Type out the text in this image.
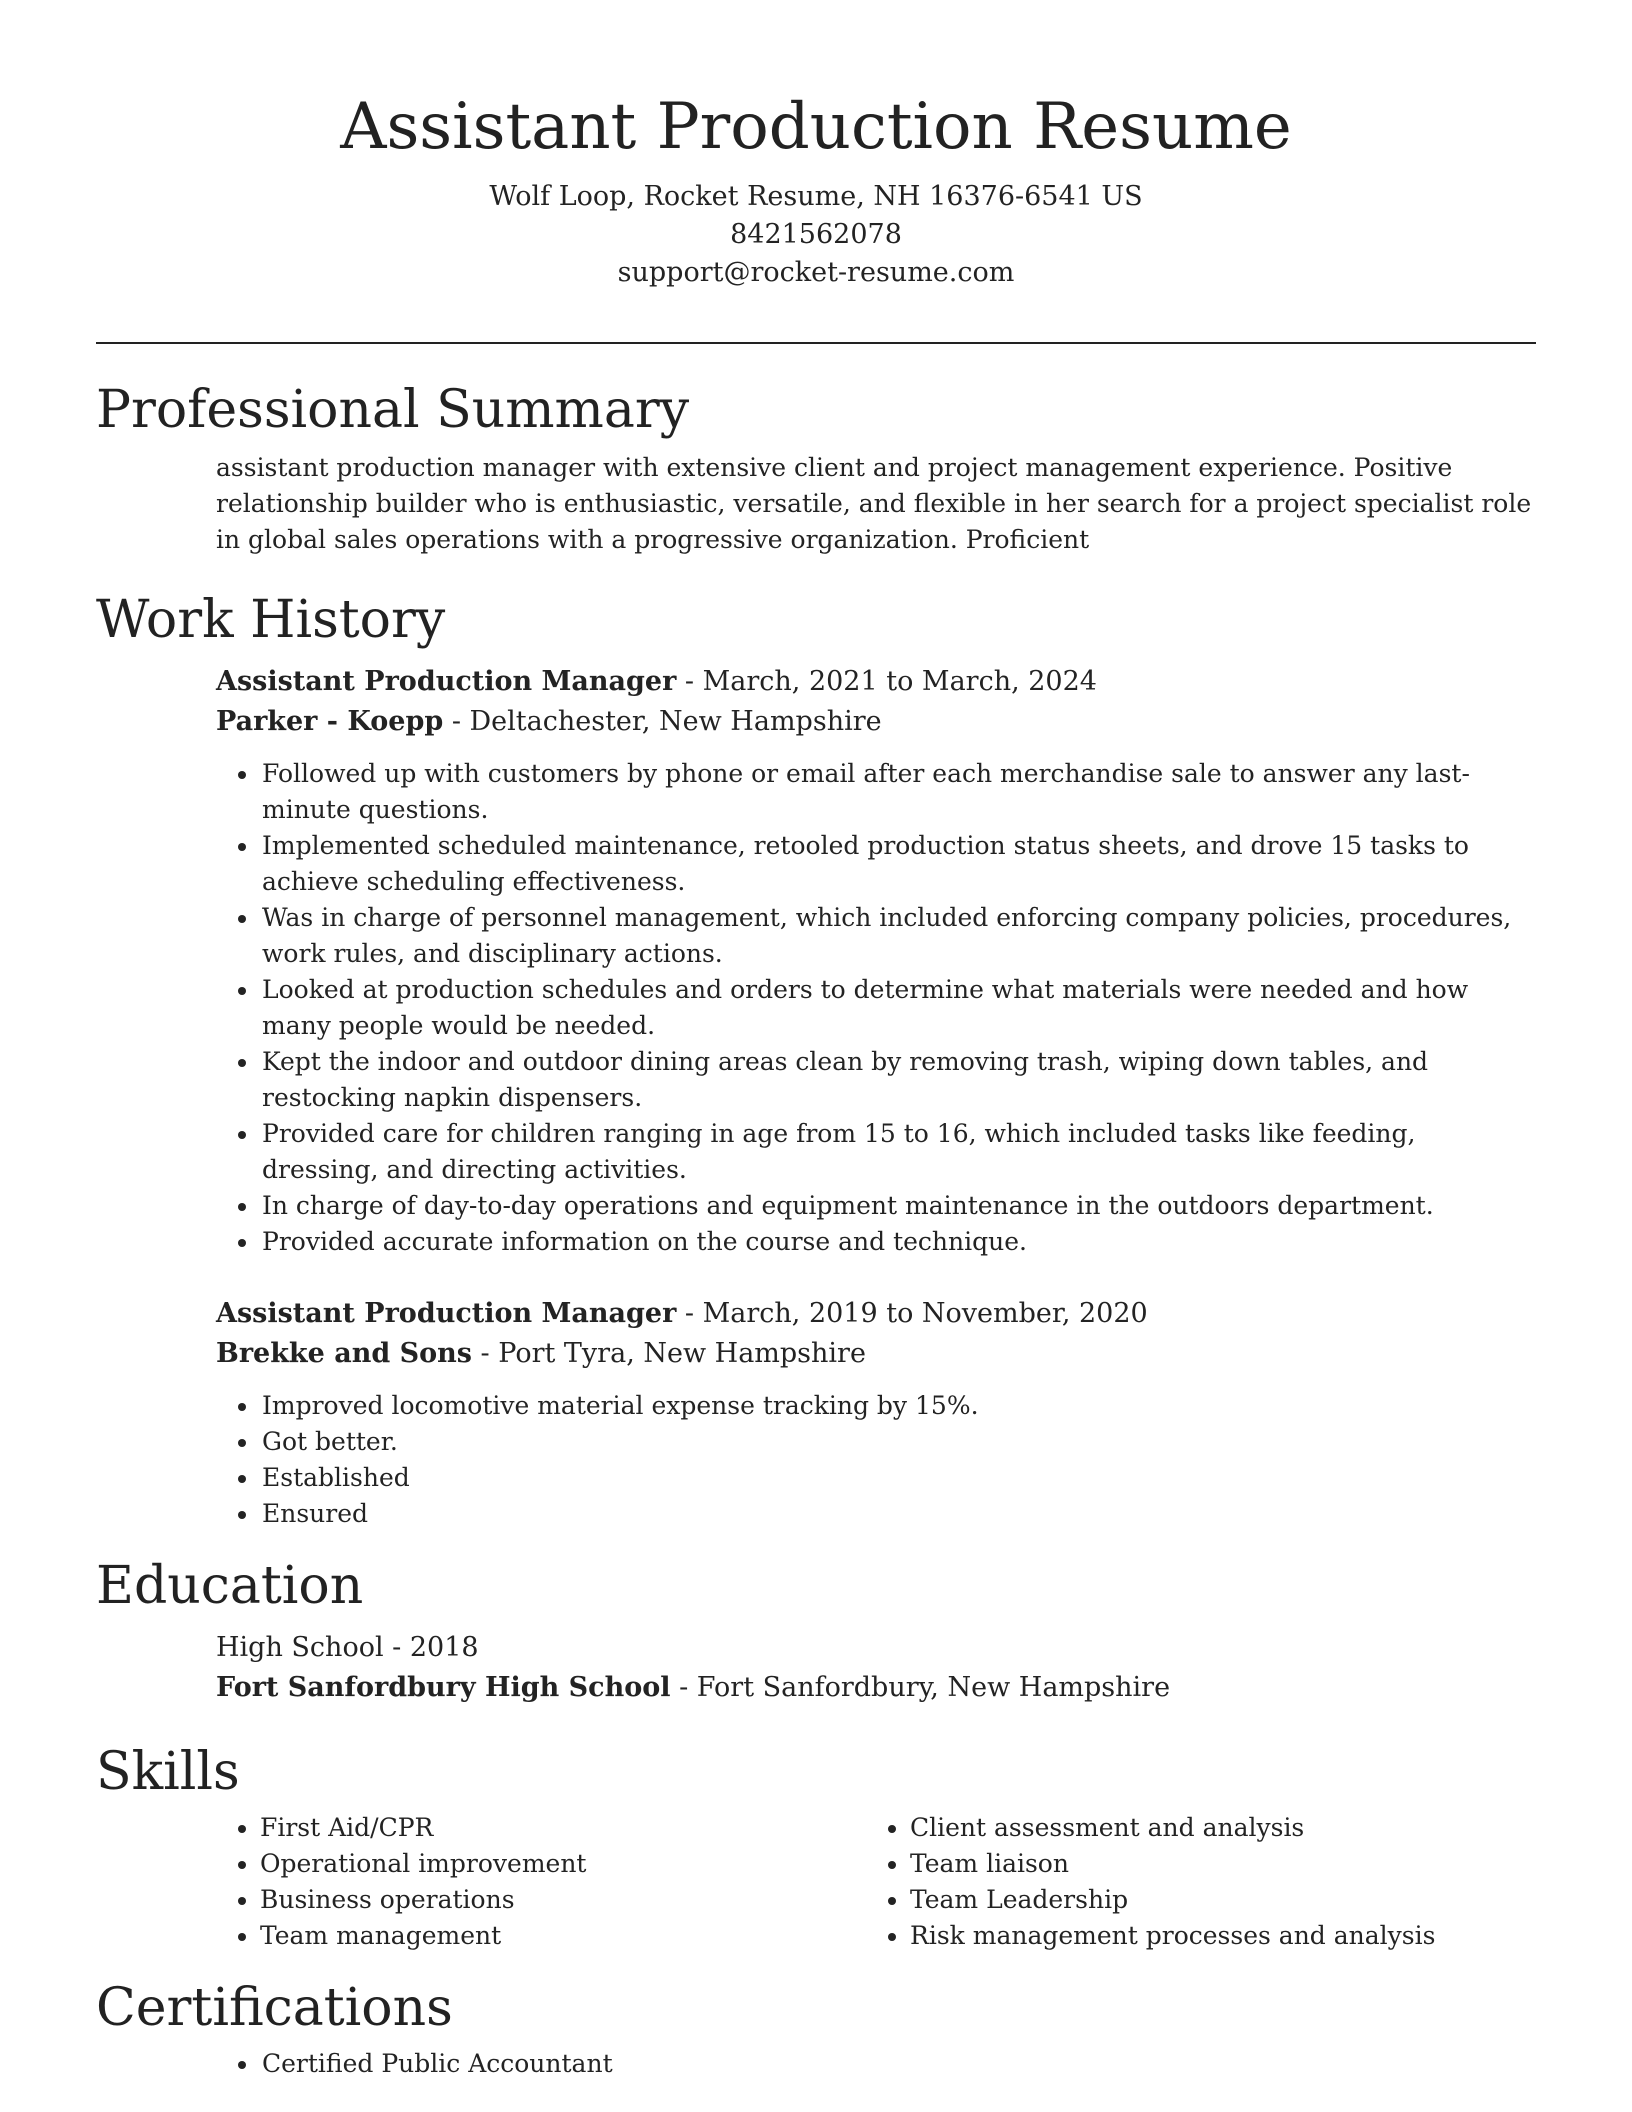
Assistant Production Resume
Wolf Loop, Rocket Resume, NH 16376-6541 US
8421562078
support@rocket-resume.com
Professional Summary

assistant production manager with extensive client and project management experience. Positive relationship builder who is enthusiastic, versatile, and flexible in her search for a project specialist role in global sales operations with a progressive organization. Proficient

Work History
Assistant Production Manager - March, 2021 to March, 2024
Parker - Koepp - Deltachester, New Hampshire
• Followed up with customers by phone or email after each merchandise sale to answer any last-minute questions.
• Implemented scheduled maintenance, retooled production status sheets, and drove 15 tasks to achieve scheduling effectiveness.
• Was in charge of personnel management, which included enforcing company policies, procedures, work rules, and disciplinary actions.
• Looked at production schedules and orders to determine what materials were needed and how many people would be needed.
• Kept the indoor and outdoor dining areas clean by removing trash, wiping down tables, and restocking napkin dispensers.
• Provided care for children ranging in age from 15 to 16, which included tasks like feeding, dressing, and directing activities.
• In charge of day-to-day operations and equipment maintenance in the outdoors department.
• Provided accurate information on the course and technique.
Assistant Production Manager - March, 2019 to November, 2020
Brekke and Sons - Port Tyra, New Hampshire
• Improved locomotive material expense tracking by 15%.
• Got better.
• Established
• Ensured
Education
High School - 2018
Fort Sanfordbury High School - Fort Sanfordbury, New Hampshire
Skills
• First Aid/CPR
• Operational improvement
• Business operations
• Team management
• Client assessment and analysis
• Team liaison
• Team Leadership
• Risk management processes and analysis
Certifications
• Certified Public Accountant
